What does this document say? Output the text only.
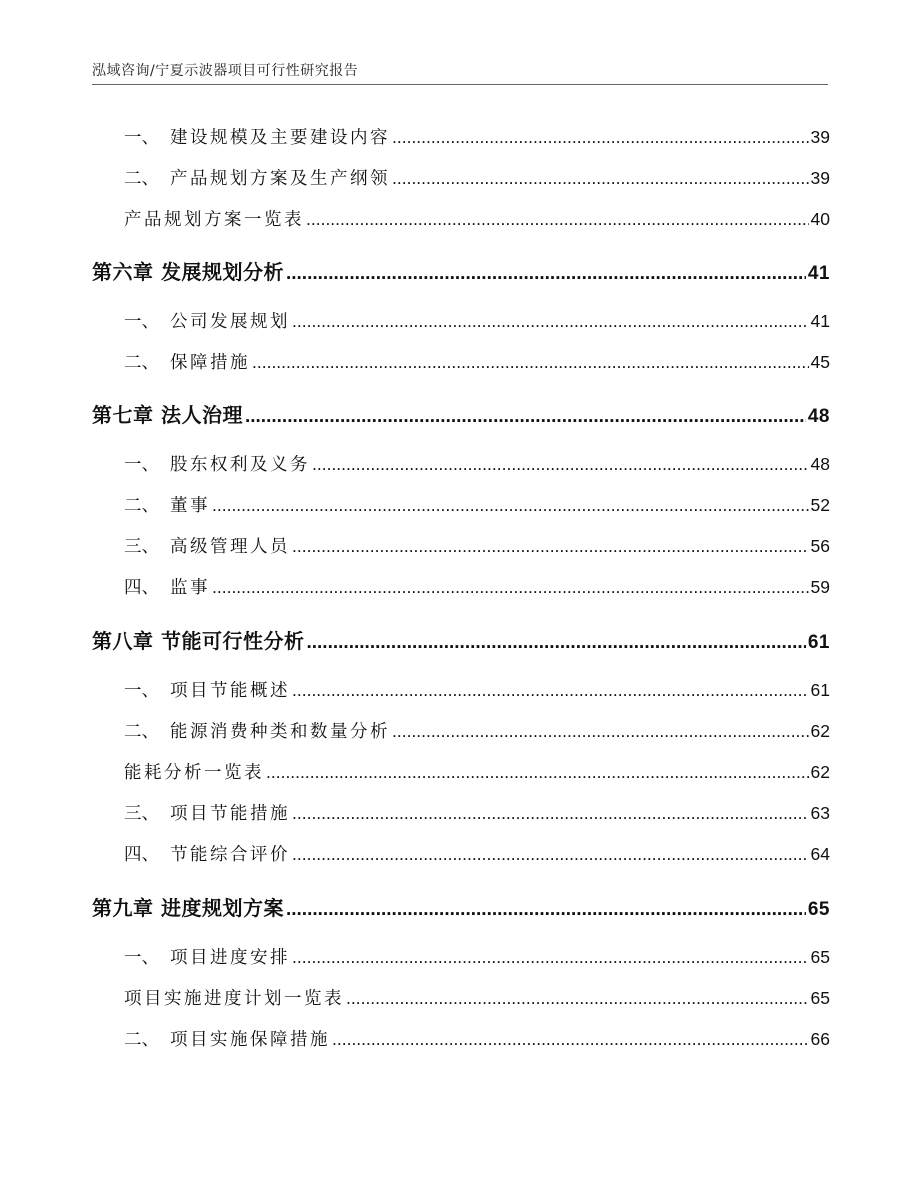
泓域咨询/宁夏示波器项目可行性研究报告
一、 建设规模及主要建设内容 .....	39
二、 产品规划方案及生产纲领 .....	39
产品规划方案一览表 .....	40
第六章 发展规划分析 .....	41
一、 公司发展规划 .....	41
二、 保障措施 .....	45
第七章 法人治理 .....	48
一、 股东权利及义务 .....	48
二、 董事 .....	52
三、 高级管理人员 .....	56
四、 监事 .....	59
第八章 节能可行性分析 .....	61
一、 项目节能概述 .....	61
二、 能源消费种类和数量分析 .....	62
能耗分析一览表 .....	62
三、 项目节能措施 .....	63
四、 节能综合评价 .....	64
第九章 进度规划方案 .....	65
一、 项目进度安排 .....	65
项目实施进度计划一览表 .....	65
二、 项目实施保障措施 .....	66
